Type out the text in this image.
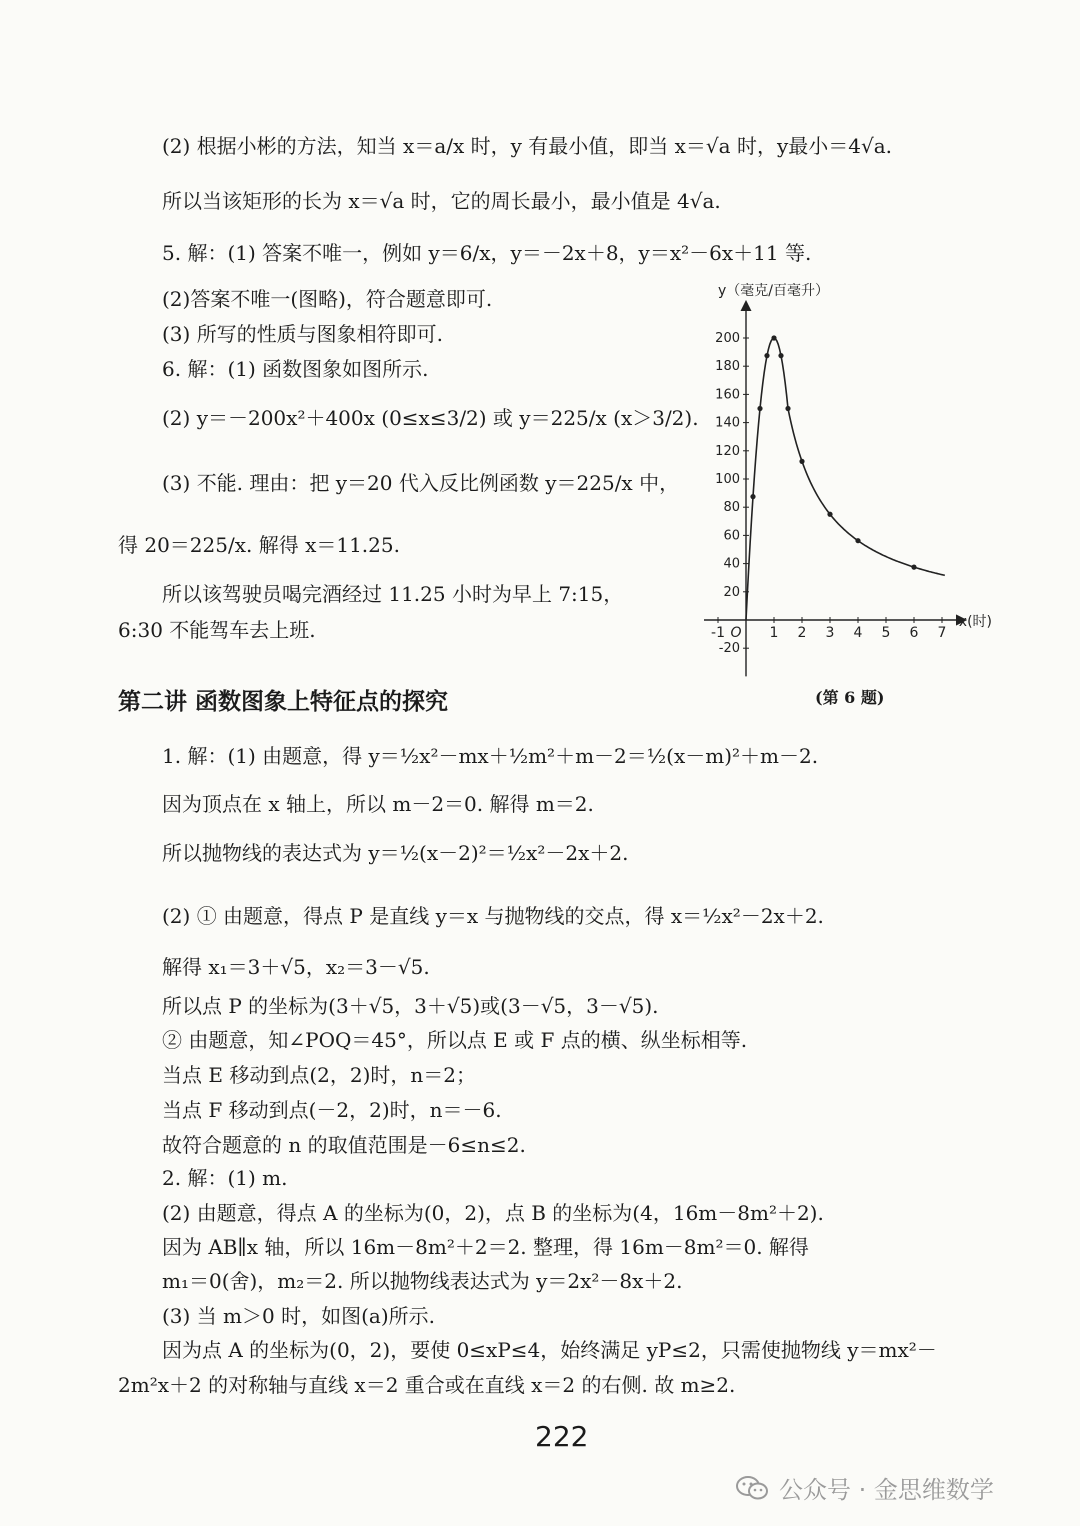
(2) 根据小彬的方法，知当 x＝a/x 时，y 有最小值，即当 x＝√a 时，y最小＝4√a.
所以当该矩形的长为 x＝√a 时，它的周长最小，最小值是 4√a.
5. 解：(1) 答案不唯一，例如 y＝6/x，y＝－2x＋8，y＝x²－6x＋11 等.
(2)答案不唯一(图略)，符合题意即可.
(3) 所写的性质与图象相符即可.
6. 解：(1) 函数图象如图所示.
(2) y＝－200x²＋400x (0≤x≤3/2) 或 y＝225/x (x＞3/2).
(3) 不能. 理由：把 y＝20 代入反比例函数 y＝225/x 中，
得 20＝225/x. 解得 x＝11.25.
所以该驾驶员喝完酒经过 11.25 小时为早上 7:15，
6:30 不能驾车去上班.
-20
20
40
60
80
100
120
140
160
180
200
-1 O 1 2 3 4 5 6 7
y（毫克/百毫升）
x(时)
(第 6 题)
第二讲 函数图象上特征点的探究
1. 解：(1) 由题意，得 y＝½x²－mx＋½m²＋m－2＝½(x－m)²＋m－2.
因为顶点在 x 轴上，所以 m－2＝0. 解得 m＝2.
所以抛物线的表达式为 y＝½(x－2)²＝½x²－2x＋2.
(2) ① 由题意，得点 P 是直线 y＝x 与抛物线的交点，得 x＝½x²－2x＋2.
解得 x₁＝3＋√5，x₂＝3－√5.
所以点 P 的坐标为(3＋√5，3＋√5)或(3－√5，3－√5).
② 由题意，知∠POQ＝45°，所以点 E 或 F 点的横、纵坐标相等.
当点 E 移动到点(2，2)时，n＝2；
当点 F 移动到点(－2，2)时，n＝－6.
故符合题意的 n 的取值范围是－6≤n≤2.
2. 解：(1) m.
(2) 由题意，得点 A 的坐标为(0，2)，点 B 的坐标为(4，16m－8m²＋2).
因为 AB∥x 轴，所以 16m－8m²＋2＝2. 整理，得 16m－8m²＝0. 解得
m₁＝0(舍)，m₂＝2. 所以抛物线表达式为 y＝2x²－8x＋2.
(3) 当 m＞0 时，如图(a)所示.
因为点 A 的坐标为(0，2)，要使 0≤xP≤4，始终满足 yP≤2，只需使抛物线 y＝mx²－
2m²x＋2 的对称轴与直线 x＝2 重合或在直线 x＝2 的右侧. 故 m≥2.
222
公众号 · 金思维数学
